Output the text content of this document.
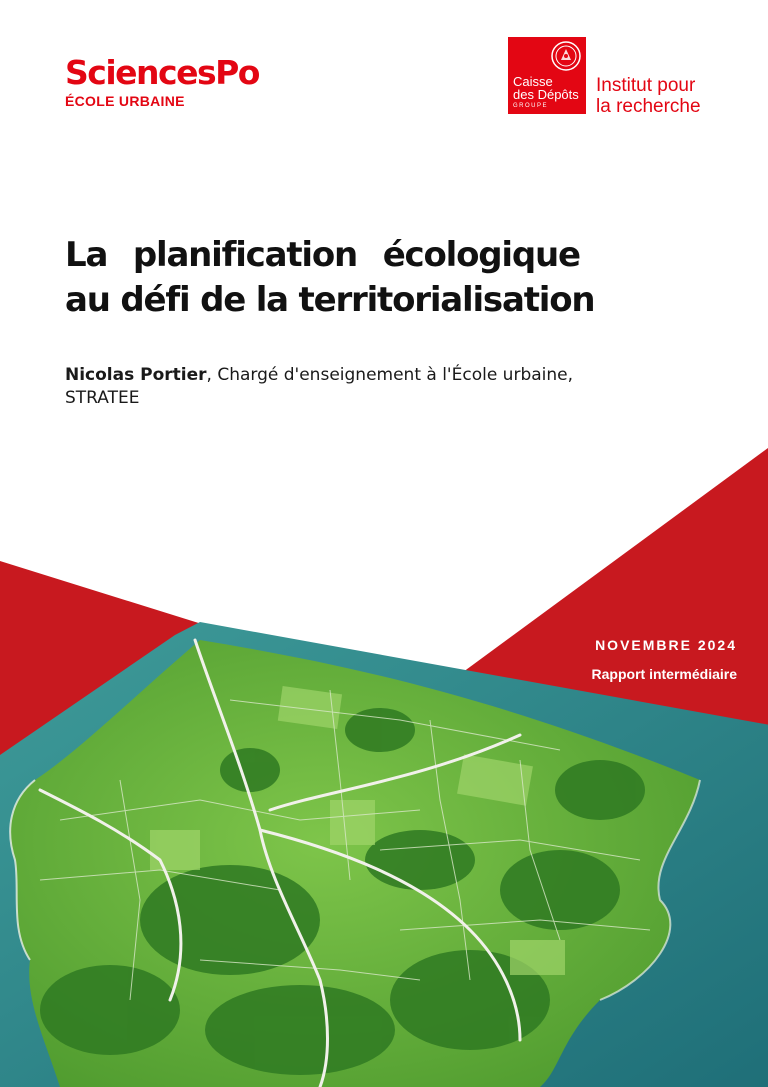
SciencesPo
ÉCOLE URBAINE
Caisse
des Dépôts
GROUPE
Institut pour
la recherche
La planification écologique
au défi de la territorialisation
Nicolas Portier, Chargé d'enseignement à l'École urbaine,
STRATEE
NOVEMBRE 2024
Rapport intermédiaire
